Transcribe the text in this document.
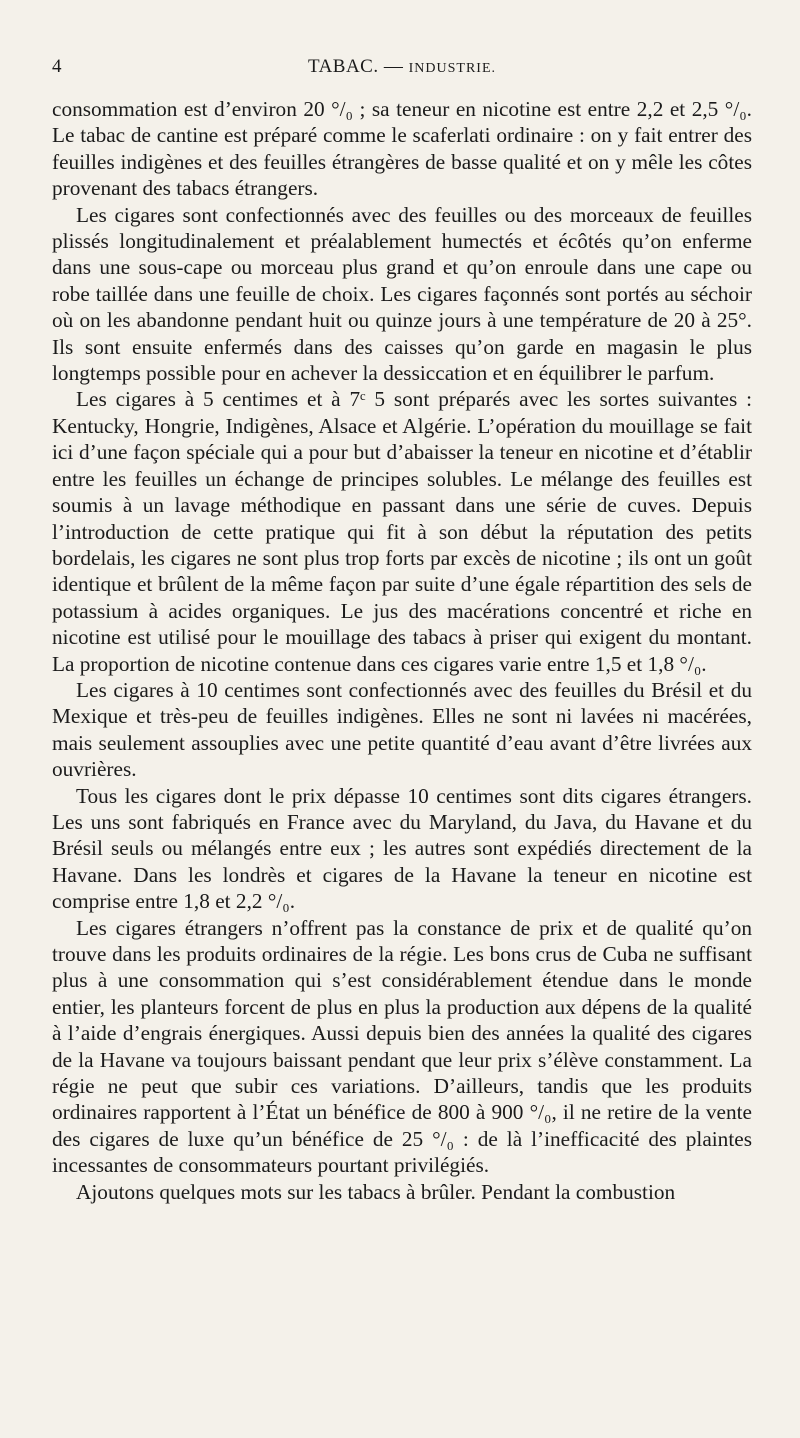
4	TABAC. — INDUSTRIE.

consommation est d’environ 20 °/₀ ; sa teneur en nicotine est entre 2,2 et 2,5 °/₀. Le tabac de cantine est préparé comme le scaferlati ordinaire : on y fait entrer des feuilles indigènes et des feuilles étrangères de basse qualité et on y mêle les côtes provenant des tabacs étrangers.

Les cigares sont confectionnés avec des feuilles ou des morceaux de feuilles plissés longitudinalement et préalablement humectés et écôtés qu’on enferme dans une sous-cape ou morceau plus grand et qu’on enroule dans une cape ou robe taillée dans une feuille de choix. Les cigares façonnés sont portés au séchoir où on les abandonne pendant huit ou quinze jours à une température de 20 à 25°. Ils sont ensuite enfermés dans des caisses qu’on garde en magasin le plus longtemps possible pour en achever la dessiccation et en équilibrer le parfum.

Les cigares à 5 centimes et à 7ᶜ 5 sont préparés avec les sortes suivantes : Kentucky, Hongrie, Indigènes, Alsace et Algérie. L’opération du mouillage se fait ici d’une façon spéciale qui a pour but d’abaisser la teneur en nicotine et d’établir entre les feuilles un échange de principes solubles. Le mélange des feuilles est soumis à un lavage méthodique en passant dans une série de cuves. Depuis l’introduction de cette pratique qui fit à son début la réputation des petits bordelais, les cigares ne sont plus trop forts par excès de nicotine ; ils ont un goût identique et brûlent de la même façon par suite d’une égale répartition des sels de potassium à acides organiques. Le jus des macérations concentré et riche en nicotine est utilisé pour le mouillage des tabacs à priser qui exigent du montant. La proportion de nicotine contenue dans ces cigares varie entre 1,5 et 1,8 °/₀.

Les cigares à 10 centimes sont confectionnés avec des feuilles du Brésil et du Mexique et très-peu de feuilles indigènes. Elles ne sont ni lavées ni macérées, mais seulement assouplies avec une petite quantité d’eau avant d’être livrées aux ouvrières.

Tous les cigares dont le prix dépasse 10 centimes sont dits cigares étrangers. Les uns sont fabriqués en France avec du Maryland, du Java, du Havane et du Brésil seuls ou mélangés entre eux ; les autres sont expédiés directement de la Havane. Dans les londrès et cigares de la Havane la teneur en nicotine est comprise entre 1,8 et 2,2 °/₀.

Les cigares étrangers n’offrent pas la constance de prix et de qualité qu’on trouve dans les produits ordinaires de la régie. Les bons crus de Cuba ne suffisant plus à une consommation qui s’est considérablement étendue dans le monde entier, les planteurs forcent de plus en plus la production aux dépens de la qualité à l’aide d’engrais énergiques. Aussi depuis bien des années la qualité des cigares de la Havane va toujours baissant pendant que leur prix s’élève constamment. La régie ne peut que subir ces variations. D’ailleurs, tandis que les produits ordinaires rapportent à l’État un bénéfice de 800 à 900 °/₀, il ne retire de la vente des cigares de luxe qu’un bénéfice de 25 °/₀ : de là l’inefficacité des plaintes incessantes de consommateurs pourtant privilégiés.

Ajoutons quelques mots sur les tabacs à brûler. Pendant la combustion
